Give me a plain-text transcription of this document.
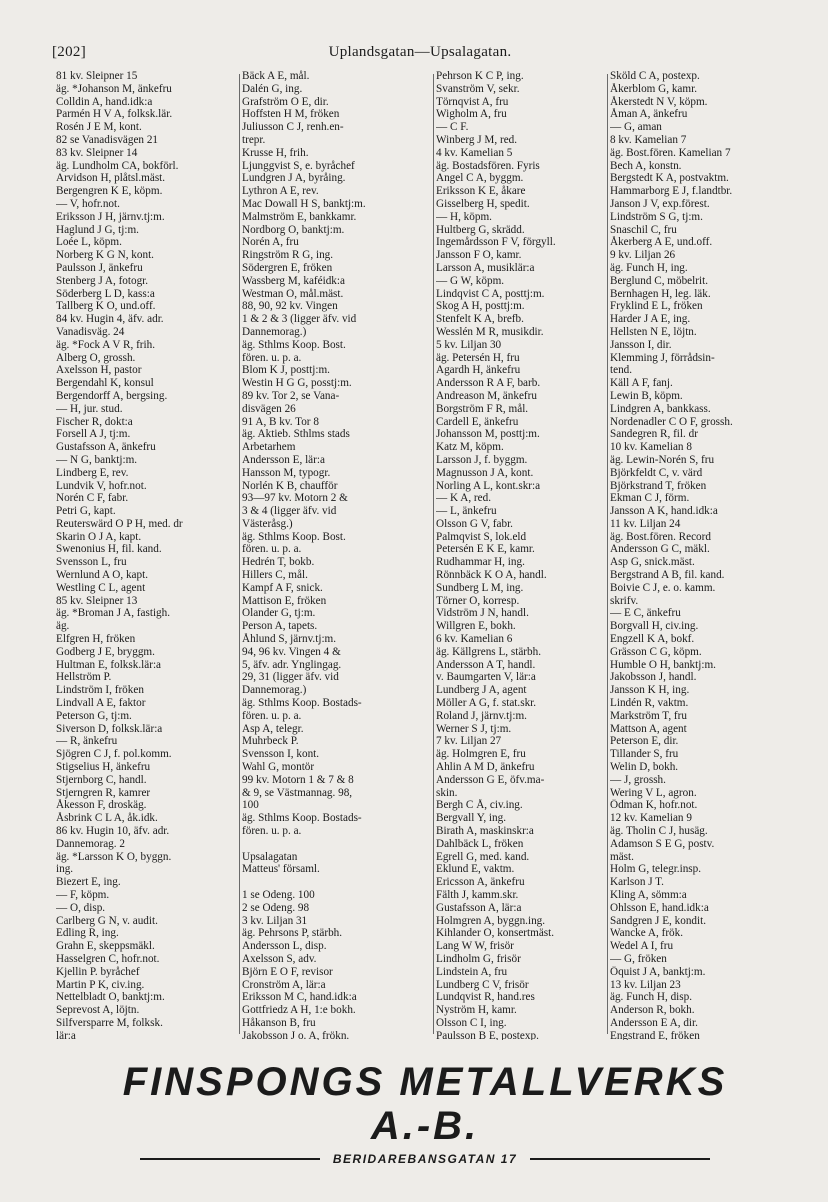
[202]	Uplandsgatan—Upsalagatan.
81 kv. Sleipner 15
äg. *Johanson M, änkefru
Colldin A, hand.idk:a
Parmén H V A, folksk.lär.
Rosén J E M, kont.
82 se Vanadisvägen 21
83 kv. Sleipner 14
äg. Lundholm CA, bokförl.
Arvidson H, plåtsl.mäst.
Bergengren K E, köpm.
— V, hofr.not.
Eriksson J H, järnv.tj:m.
Haglund J G, tj:m.
Loée L, köpm.
Norberg K G N, kont.
Paulsson J, änkefru
Stenberg J A, fotogr.
Söderberg L D, kass:a
Tallberg K O, und.off.
84 kv. Hugin 4, äfv. adr.
Vanadisväg. 24
äg. *Fock A V R, frih.
Alberg O, grossh.
Axelsson H, pastor
Bergendahl K, konsul
Bergendorff A, bergsing.
— H, jur. stud.
Fischer R, dokt:a
Forsell A J, tj:m.
Gustafsson A, änkefru
— N G, banktj:m.
Lindberg E, rev.
Lundvik V, hofr.not.
Norén C F, fabr.
Petri G, kapt.
Reuterswärd O P H, med. dr
Skarin O J A, kapt.
Swenonius H, fil. kand.
Svensson L, fru
Wernlund A O, kapt.
Westling C L, agent
85 kv. Sleipner 13
äg. *Broman J A, fastigh.
äg.
Elfgren H, fröken
Godberg J E, bryggm.
Hultman E, folksk.lär:a
Hellström P.
Lindström I, fröken
Lindvall A E, faktor
Peterson G, tj:m.
Siverson D, folksk.lär:a
— R, änkefru
Sjögren C J, f. pol.komm.
Stigselius H, änkefru
Stjernborg C, handl.
Stjerngren R, kamrer
Åkesson F, droskäg.
Åsbrink C L A, åk.idk.
86 kv. Hugin 10, äfv. adr.
Dannemorag. 2
äg. *Larsson K O, byggn.
ing.
Biezert E, ing.
— F, köpm.
— O, disp.
Carlberg G N, v. audit.
Edling R, ing.
Grahn E, skeppsmäkl.
Hasselgren C, hofr.not.
Kjellin P. byråchef
Martin P K, civ.ing.
Nettelbladt O, banktj:m.
Seprevost A, löjtn.
Silfversparre M, folksk.
lär:a
Bäck A E, mål.
Dalén G, ing.
Grafström O E, dir.
Hoffsten H M, fröken
Juliusson C J, renh.en-
trepr.
Krusse H, frih.
Ljunggvist S, e. byråchef
Lundgren J A, byråing.
Lythron A E, rev.
Mac Dowall H S, banktj:m.
Malmström E, bankkamr.
Nordborg O, banktj:m.
Norén A, fru
Ringström R G, ing.
Södergren E, fröken
Wassberg M, kaféidk:a
Westman O, mål.mäst.
88, 90, 92 kv. Vingen
1 & 2 & 3 (ligger äfv. vid
Dannemorag.)
äg. Sthlms Koop. Bost.
fören. u. p. a.
Blom K J, posttj:m.
Westin H G G, posstj:m.
89 kv. Tor 2, se Vana-
disvägen 26
91 A, B kv. Tor 8
äg. Aktieb. Sthlms stads
Arbetarhem
Andersson E, lär:a
Hansson M, typogr.
Norlén K B, chaufför
93—97 kv. Motorn 2 &
3 & 4 (ligger äfv. vid
Västeråsg.)
äg. Sthlms Koop. Bost.
fören. u. p. a.
Hedrén T, bokb.
Hillers C, mål.
Kampf A F, snick.
Mattison E, fröken
Olander G, tj:m.
Person A, tapets.
Åhlund S, järnv.tj:m.
94, 96 kv. Vingen 4 &
5, äfv. adr. Ynglingag.
29, 31 (ligger äfv. vid
Dannemorag.)
äg. Sthlms Koop. Bostads-
fören. u. p. a.
Asp A, telegr.
Muhrbeck P.
Svensson I, kont.
Wahl G, montör
99 kv. Motorn 1 & 7 & 8
& 9, se Västmannag. 98,
100
äg. Sthlms Koop. Bostads-
fören. u. p. a.
Upsalagatan
Matteus' församl.
1 se Odeng. 100
2 se Odeng. 98
3 kv. Liljan 31
äg. Pehrsons P, stärbh.
Andersson L, disp.
Axelsson S, adv.
Björn E O F, revisor
Cronström A, lär:a
Eriksson M C, hand.idk:a
Gottfriedz A H, 1:e bokh.
Håkanson B, fru
Jakobsson J o. A, frökn.
Pehrson K C P, ing.
Svanström V, sekr.
Törnqvist A, fru
Wigholm A, fru
— C F.
Winberg J M, red.
4 kv. Kamelian 5
äg. Bostadsfören. Fyris
Angel C A, byggm.
Eriksson K E, åkare
Gisselberg H, spedit.
— H, köpm.
Hultberg G, skrädd.
Ingemårdsson F V, förgyll.
Jansson F O, kamr.
Larsson A, musiklär:a
— G W, köpm.
Lindqvist C A, posttj:m.
Skog A H, posttj:m.
Stenfelt K A, brefb.
Wesslén M R, musikdir.
5 kv. Liljan 30
äg. Petersén H, fru
Agardh H, änkefru
Andersson R A F, barb.
Andreason M, änkefru
Borgström F R, mål.
Cardell E, änkefru
Johansson M, posttj:m.
Katz M, köpm.
Larsson J, f. byggm.
Magnusson J A, kont.
Norling A L, kont.skr:a
— K A, red.
— L, änkefru
Olsson G V, fabr.
Palmqvist S, lok.eld
Petersén E K E, kamr.
Rudhammar H, ing.
Rönnbäck K O A, handl.
Sundberg L M, ing.
Törner O, korresp.
Vidström J N, handl.
Willgren E, bokh.
6 kv. Kamelian 6
äg. Källgrens L, stärbh.
Andersson A T, handl.
v. Baumgarten V, lär:a
Lundberg J A, agent
Möller A G, f. stat.skr.
Roland J, järnv.tj:m.
Werner S J, tj:m.
7 kv. Liljan 27
äg. Holmgren E, fru
Ahlin A M D, änkefru
Andersson G E, öfv.ma-
skin.
Bergh C Å, civ.ing.
Bergvall Y, ing.
Birath A, maskinskr:a
Dahlbäck L, fröken
Egrell G, med. kand.
Eklund E, vaktm.
Ericsson A, änkefru
Fälth J, kamm.skr.
Gustafsson A, lär:a
Holmgren A, byggn.ing.
Kihlander O, konsertmäst.
Lang W W, frisör
Lindholm G, frisör
Lindstein A, fru
Lundberg C V, frisör
Lundqvist R, hand.res
Nyström H, kamr.
Olsson C I, ing.
Paulsson B E, postexp.
Sköld C A, postexp.
Åkerblom G, kamr.
Åkerstedt N V, köpm.
Åman A, änkefru
— G, aman
8 kv. Kamelian 7
äg. Bost.fören. Kamelian 7
Bech A, konstn.
Bergstedt K A, postvaktm.
Hammarborg E J, f.landtbr.
Janson J V, exp.förest.
Lindström S G, tj:m.
Snaschil C, fru
Åkerberg A E, und.off.
9 kv. Liljan 26
äg. Funch H, ing.
Berglund C, möbelrit.
Bernhagen H, leg. läk.
Fryklind E L, fröken
Harder J A E, ing.
Hellsten N E, löjtn.
Jansson I, dir.
Klemming J, förrådsin-
tend.
Käll A F, fanj.
Lewin B, köpm.
Lindgren A, bankkass.
Nordenadler C O F, grossh.
Sandegren R, fil. dr
10 kv. Kamelian 8
äg. Lewin-Norén S, fru
Björkfeldt C, v. värd
Björkstrand T, fröken
Ekman C J, förm.
Jansson A K, hand.idk:a
11 kv. Liljan 24
äg. Bost.fören. Record
Andersson G C, mäkl.
Asp G, snick.mäst.
Bergstrand A B, fil. kand.
Boivie C J, e. o. kamm.
skrifv.
— E C, änkefru
Borgvall H, civ.ing.
Engzell K A, bokf.
Grässon C G, köpm.
Humble O H, banktj:m.
Jakobsson J, handl.
Jansson K H, ing.
Lindén R, vaktm.
Markström T, fru
Mattson A, agent
Peterson E, dir.
Tillander S, fru
Welin D, bokh.
— J, grossh.
Wering V L, agron.
Ödman K, hofr.not.
12 kv. Kamelian 9
äg. Tholin C J, husäg.
Adamson S E G, postv.
mäst.
Holm G, telegr.insp.
Karlson J T.
Kling A, sömm:a
Ohlsson E, hand.idk:a
Sandgren J E, kondit.
Wancke A, frök.
Wedel A I, fru
— G, fröken
Öquist J A, banktj:m.
13 kv. Liljan 23
äg. Funch H, disp.
Anderson R, bokh.
Andersson E A, dir.
Engstrand E, fröken
FINSPONGS METALLVERKS A.-B.
BERIDAREBANSGATAN 17
